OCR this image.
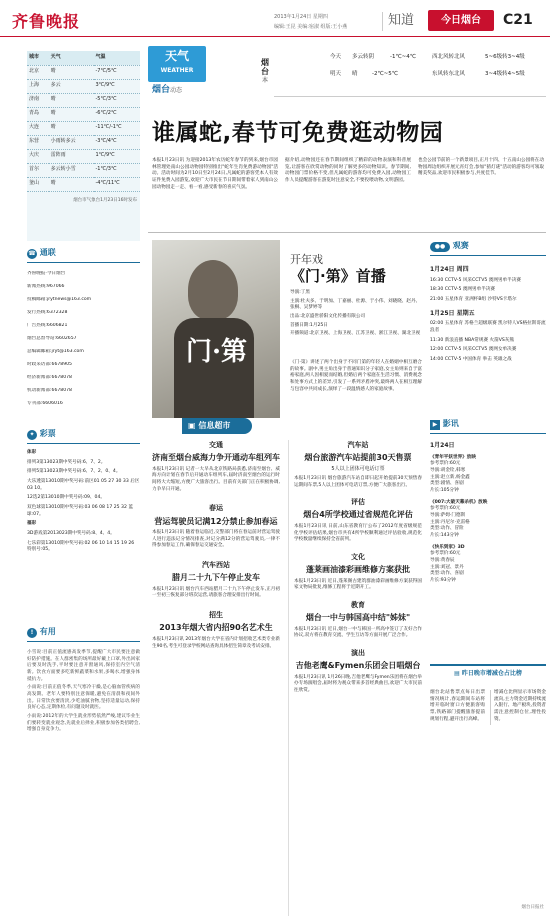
齐鲁晚报	2013年1月24日 星期四
编辑:王昆 美编:宿淑 组版:王小燕	知道	今日烟台	C21
城市	天气	气温
北京	晴	-7℃/5℃
上海	多云	3℃/9℃
济南	晴	-5℃/3℃
青岛	晴	-6℃/2℃
大连	晴	-11℃/-1℃
东营	小雨转多云	-3℃/4℃
大庆	雷阵雨	1℃/9℃
首尔	多云转小雪	-1℃/3℃
釜山	晴	-4℃/11℃
烟台市气象台1月23日16时发布
☎ 通联
齐鲁晚报·今日烟台
新闻热线:967066
投稿邮箱:jrytnews@163.com
发行热线:6372328
广告热线:6606821
烟台总督导站:6602657
总编辑邮箱:jryt@163.com
时政采访部:6678905
经济新闻部:6678078
机动新闻部:6678078
专刊部:6606016
✦ 彩票
体彩
排列3第13023期中奖号码:6、7、2。
排列5第13023期中奖号码:6、7、2、0、4。
大乐透第13010期中奖号码:前区01 05 27 30 33 后区03 10。
12选2第13010期中奖号码:09、04。
双色球第13010期中奖号码:03 06 08 17 25 32 蓝球:07。
福彩
3D游戏第2013023期中奖号码:8、4、4。
七乐彩第13010期中奖号码:02 06 10 14 15 19 26 特别号:05。
! 有用

小雪说:目前正值流感高发季节,提醒广大市民要注意做好防护措施。在人群密集的场所最好戴上口罩,外出回家后要及时洗手,平时要注意开窗通风,保持室内空气清新。饮食方面要多吃新鲜蔬菜和水果,多喝水,增强身体抵抗力。

小雨说:目前正值冬季,天气寒冷干燥,是心脑血管疾病的高发期。老年人要特别注意保暖,避免在清晨和夜间外出。日常饮食要清淡,少吃油腻食物,坚持适量运动,保持良好心态,定期体检,有问题及时就医。

小雨说:2012年的大学生就业形势依然严峻,建议毕业生们要转变就业观念,先就业后择业,积极参加各类招聘会,增强自身竞争力。

天气
WEATHER
烟台动态
烟台
本
今天 多云转阴	-1℃~4℃	西北风转北风	5~6级转3~4级
明天 晴	-2℃~5℃	东风转东北风	3~4级转4~5级
谁属蛇,春节可免费逛动物园

本报1月23日讯 为迎接2013年农历蛇年春节的到来,烟台市园林管理处南山公园动物园特别推出"蛇年生肖免费游动物园"活动。活动时间为2月10日至2月24日,凡属蛇的游客凭本人有效证件免费入园游览,欢迎广大市民在节日期间带着家人到南山公园动物园走一走、看一看,感受新春的喜庆气氛。

据介绍,动物园还在春节期间组织了精彩的动物表演和科普展览,让游客在欣赏动物的同时了解更多的动物知识。春节期间,动物园门票价格不变,但凡属蛇的游客均可免费入园,动物园工作人员提醒游客在游览时注意安全,不要投喂动物,文明游园。

也会公园节前的一个新景项目,正月十四、十五南山公园将在动物园周边组织开展元宵灯会,参加"猜灯谜"活动的游客均可领取精美奖品,欢迎市民积极参与,共度佳节。

开年戏
《门·第》首播
门·第
导演:丁黑
主演:杜夫多、于明加、丁嘉丽、杜源、于小伟、刘晓晓、赵丹、张桐、吴梦婷等
出品:北京盛世骄阳文化传播有限公司
首播日期:1月25日
开播频道:北京卫视、上海卫视、江苏卫视、浙江卫视、湖北卫视

《门·第》讲述了两个出身于不同门第的年轻人在婚姻中相互磨合的故事。剧中,男主角出身于普通知识分子家庭,女主角则来自于富裕家庭,两人因相爱而结婚,但婚后两个家庭在生活习惯、消费观念和处事方式上的差异,引发了一系列矛盾冲突,最终两人在相互理解与包容中共同成长,演绎了一段温情感人的家庭故事。

●● 观赛
1月24日 周四
16:30 CCTV-5 风采CCTV5 澳网男单半决赛
18:30 CCTV-5 澳网男单半决赛
21:00 五星体育 亚洲杯B组 沙特VS卡塔尔
1月25日 星期五
02:00 五星体育 苏格兰超级联赛 凯尔特人VS格拉斯哥流浪者
11:30 新浪直播 NBA常规赛 火箭VS灰熊
12:00 CCTV-5 风采CCTV5 澳网女单决赛
14:00 CCTV-5 中国体育 拳击 英雄之战
▶ 影讯
1月24日
《青年平妖世界》放映
参考票价:60元
导演:胡金铨,韩寒
主演:赵立新,杨金鑫
类型:剧情、喜剧
片长:105分钟
《007:大破天幕杀机》放映
参考票价:60元
导演:萨姆·门德斯
主演:丹尼尔·克雷格
类型:动作、冒险
片长:143分钟
《快乐到家》3D
参考票价:60元
导演:黄春辰
主演:刘冠、景丹
类型:动作、喜剧
片长:93分钟
▣ 信息超市
交通
济南至烟台威海力争开通动车组列车

本报1月23日讯 记者一大早从北京铁路局获悉,济南至烟台、威海方向计划在春节后开通动车组列车,届时济南至烟台的运行时间将大大缩短,方便广大旅客出行。目前有关部门正在积极协调,力争早日开通。

春运
营运驾驶员记满12分禁止参加春运

本报1月23日讯 随着春运临近,交警部门将在春运前对营运驾驶人进行违法记分情况排查,对记分满12分的营运驾驶员,一律不得参加春运工作,确保春运交通安全。

汽车西站
腊月二十九下午停止发车

本报1月23日讯 烟台汽车西站腊月二十九下午停止发车,正月初一至初三恢复部分班次运营,请旅客合理安排出行时间。

招生
2013年烟大省内招90名艺术生

本报1月23日讯 2013年烟台大学在省内计划招收艺术类专业新生90名,考生可登录学校网站查询具体招生简章及考试安排。

汽车站
烟台旅游汽车站提前30天售票
5人以上团体可电话订票

本报1月23日讯 烟台旅游汽车站自即日起开始提前30天预售春运期间车票,5人以上团体可电话订票,方便广大旅客出行。

评估
烟台4所学校通过省规范化评估

本报1月23日讯 日前,山东省教育厅公布了2012年度省级规范化学校评估结果,烟台市共有4所学校顺利通过评估验收,规范化学校数量继续保持全省前列。

文化
蓬莱画油漆彩画维修方案获批

本报1月23日讯 近日,蓬莱阁古建筑群油漆彩画维修方案获得国家文物局批复,维修工程将于近期开工。

教育
烟台一中与韩国高中结"姊妹"

本报1月23日讯 近日,烟台一中与韩国一所高中签订了友好合作协议,双方将在教育交流、学生互访等方面开展广泛合作。

演出
吉他老鹰&Fymen乐团会日唱烟台

本报1月23日讯 1月26日晚,吉他老鹰与Fymen乐团将在烟台举办专场演唱会,届时将为观众带来多首经典曲目,欢迎广大市民前往欣赏。

▤ 昨日晚市增减仓占比榜

烟台北站售票点每日出票情况统计,春运期间车站将增开临时窗口方便旅客购票,铁路部门提醒旅客提前规划行程,避开出行高峰。

增减仓比例显示市场资金流向,主力资金近期持续流入银行、地产板块,投资者需注意控制仓位,理性投资。

烟台日报社
